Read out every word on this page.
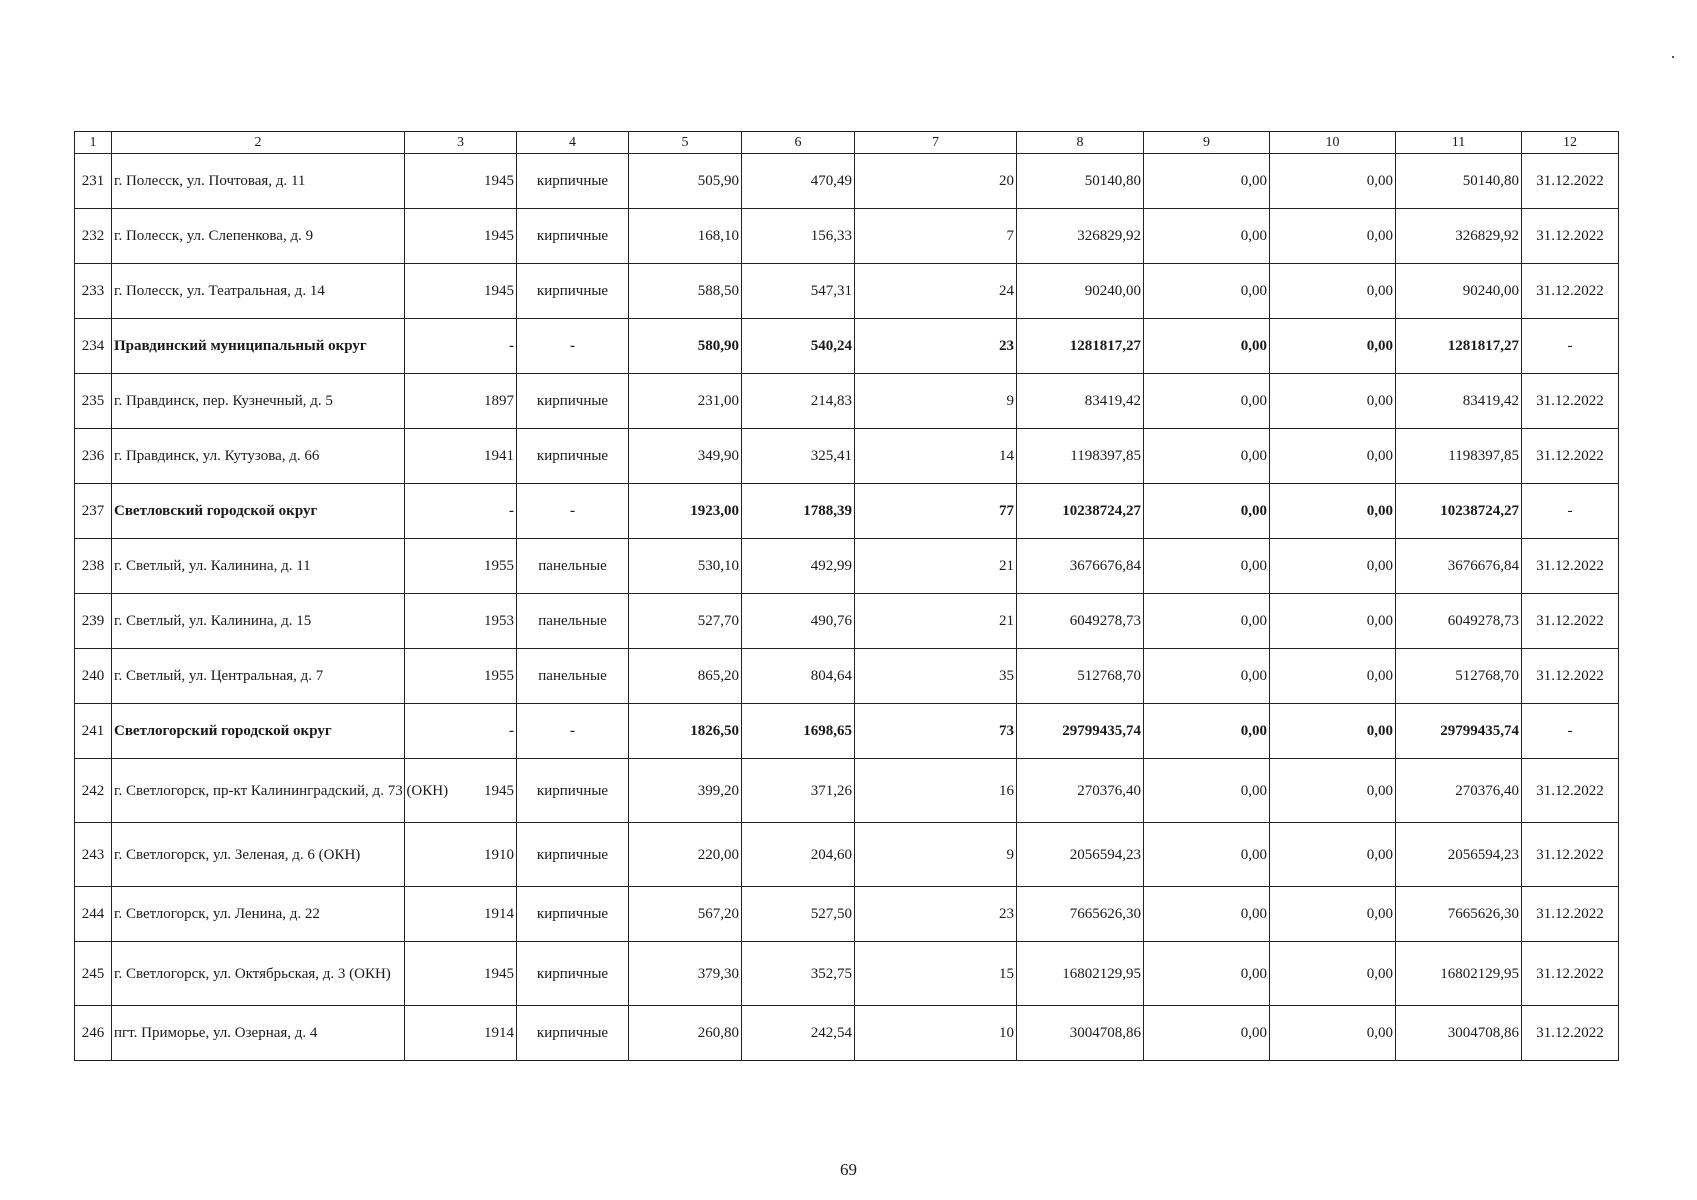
1	2	3	4	5	6	7	8	9	10	11	12
231	г. Полесск, ул. Почтовая, д. 11	1945	кирпичные	505,90	470,49	20	50140,80	0,00	0,00	50140,80	31.12.2022
232	г. Полесск, ул. Слепенкова, д. 9	1945	кирпичные	168,10	156,33	7	326829,92	0,00	0,00	326829,92	31.12.2022
233	г. Полесск, ул. Театральная, д. 14	1945	кирпичные	588,50	547,31	24	90240,00	0,00	0,00	90240,00	31.12.2022
234	Правдинский муниципальный округ	-	-	580,90	540,24	23	1281817,27	0,00	0,00	1281817,27	-
235	г. Правдинск, пер. Кузнечный, д. 5	1897	кирпичные	231,00	214,83	9	83419,42	0,00	0,00	83419,42	31.12.2022
236	г. Правдинск, ул. Кутузова, д. 66	1941	кирпичные	349,90	325,41	14	1198397,85	0,00	0,00	1198397,85	31.12.2022
237	Светловский городской округ	-	-	1923,00	1788,39	77	10238724,27	0,00	0,00	10238724,27	-
238	г. Светлый, ул. Калинина, д. 11	1955	панельные	530,10	492,99	21	3676676,84	0,00	0,00	3676676,84	31.12.2022
239	г. Светлый, ул. Калинина, д. 15	1953	панельные	527,70	490,76	21	6049278,73	0,00	0,00	6049278,73	31.12.2022
240	г. Светлый, ул. Центральная, д. 7	1955	панельные	865,20	804,64	35	512768,70	0,00	0,00	512768,70	31.12.2022
241	Светлогорский городской округ	-	-	1826,50	1698,65	73	29799435,74	0,00	0,00	29799435,74	-
242	г. Светлогорск, пр-кт Калининградский, д. 73 (ОКН)	1945	кирпичные	399,20	371,26	16	270376,40	0,00	0,00	270376,40	31.12.2022
243	г. Светлогорск, ул. Зеленая, д. 6 (ОКН)	1910	кирпичные	220,00	204,60	9	2056594,23	0,00	0,00	2056594,23	31.12.2022
244	г. Светлогорск, ул. Ленина, д. 22	1914	кирпичные	567,20	527,50	23	7665626,30	0,00	0,00	7665626,30	31.12.2022
245	г. Светлогорск, ул. Октябрьская, д. 3 (ОКН)	1945	кирпичные	379,30	352,75	15	16802129,95	0,00	0,00	16802129,95	31.12.2022
246	пгт. Приморье, ул. Озерная, д. 4	1914	кирпичные	260,80	242,54	10	3004708,86	0,00	0,00	3004708,86	31.12.2022
69
